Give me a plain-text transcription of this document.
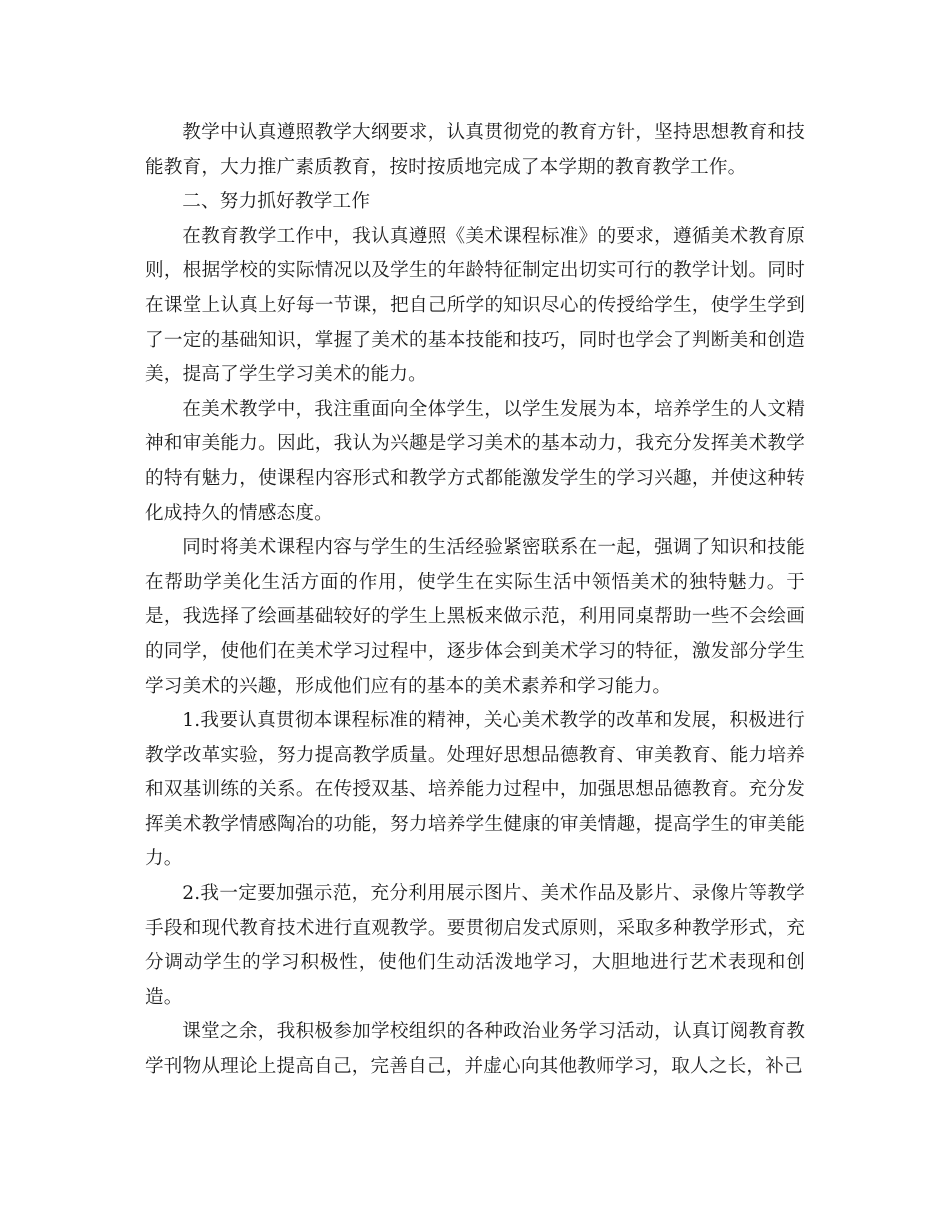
教学中认真遵照教学大纲要求，认真贯彻党的教育方针，坚持思想教育和技能教育，大力推广素质教育，按时按质地完成了本学期的教育教学工作。

二、努力抓好教学工作

在教育教学工作中，我认真遵照《美术课程标准》的要求，遵循美术教育原则，根据学校的实际情况以及学生的年龄特征制定出切实可行的教学计划。同时在课堂上认真上好每一节课，把自己所学的知识尽心的传授给学生，使学生学到了一定的基础知识，掌握了美术的基本技能和技巧，同时也学会了判断美和创造美，提高了学生学习美术的能力。

在美术教学中，我注重面向全体学生，以学生发展为本，培养学生的人文精神和审美能力。因此，我认为兴趣是学习美术的基本动力，我充分发挥美术教学的特有魅力，使课程内容形式和教学方式都能激发学生的学习兴趣，并使这种转化成持久的情感态度。

同时将美术课程内容与学生的生活经验紧密联系在一起，强调了知识和技能在帮助学美化生活方面的作用，使学生在实际生活中领悟美术的独特魅力。于是，我选择了绘画基础较好的学生上黑板来做示范，利用同桌帮助一些不会绘画的同学，使他们在美术学习过程中，逐步体会到美术学习的特征，激发部分学生学习美术的兴趣，形成他们应有的基本的美术素养和学习能力。

1.我要认真贯彻本课程标准的精神，关心美术教学的改革和发展，积极进行教学改革实验，努力提高教学质量。处理好思想品德教育、审美教育、能力培养和双基训练的关系。在传授双基、培养能力过程中，加强思想品德教育。充分发挥美术教学情感陶冶的功能，努力培养学生健康的审美情趣，提高学生的审美能力。

2.我一定要加强示范，充分利用展示图片、美术作品及影片、录像片等教学手段和现代教育技术进行直观教学。要贯彻启发式原则，采取多种教学形式，充分调动学生的学习积极性，使他们生动活泼地学习，大胆地进行艺术表现和创造。

课堂之余，我积极参加学校组织的各种政治业务学习活动，认真订阅教育教学刊物从理论上提高自己，完善自己，并虚心向其他教师学习，取人之长，补己
